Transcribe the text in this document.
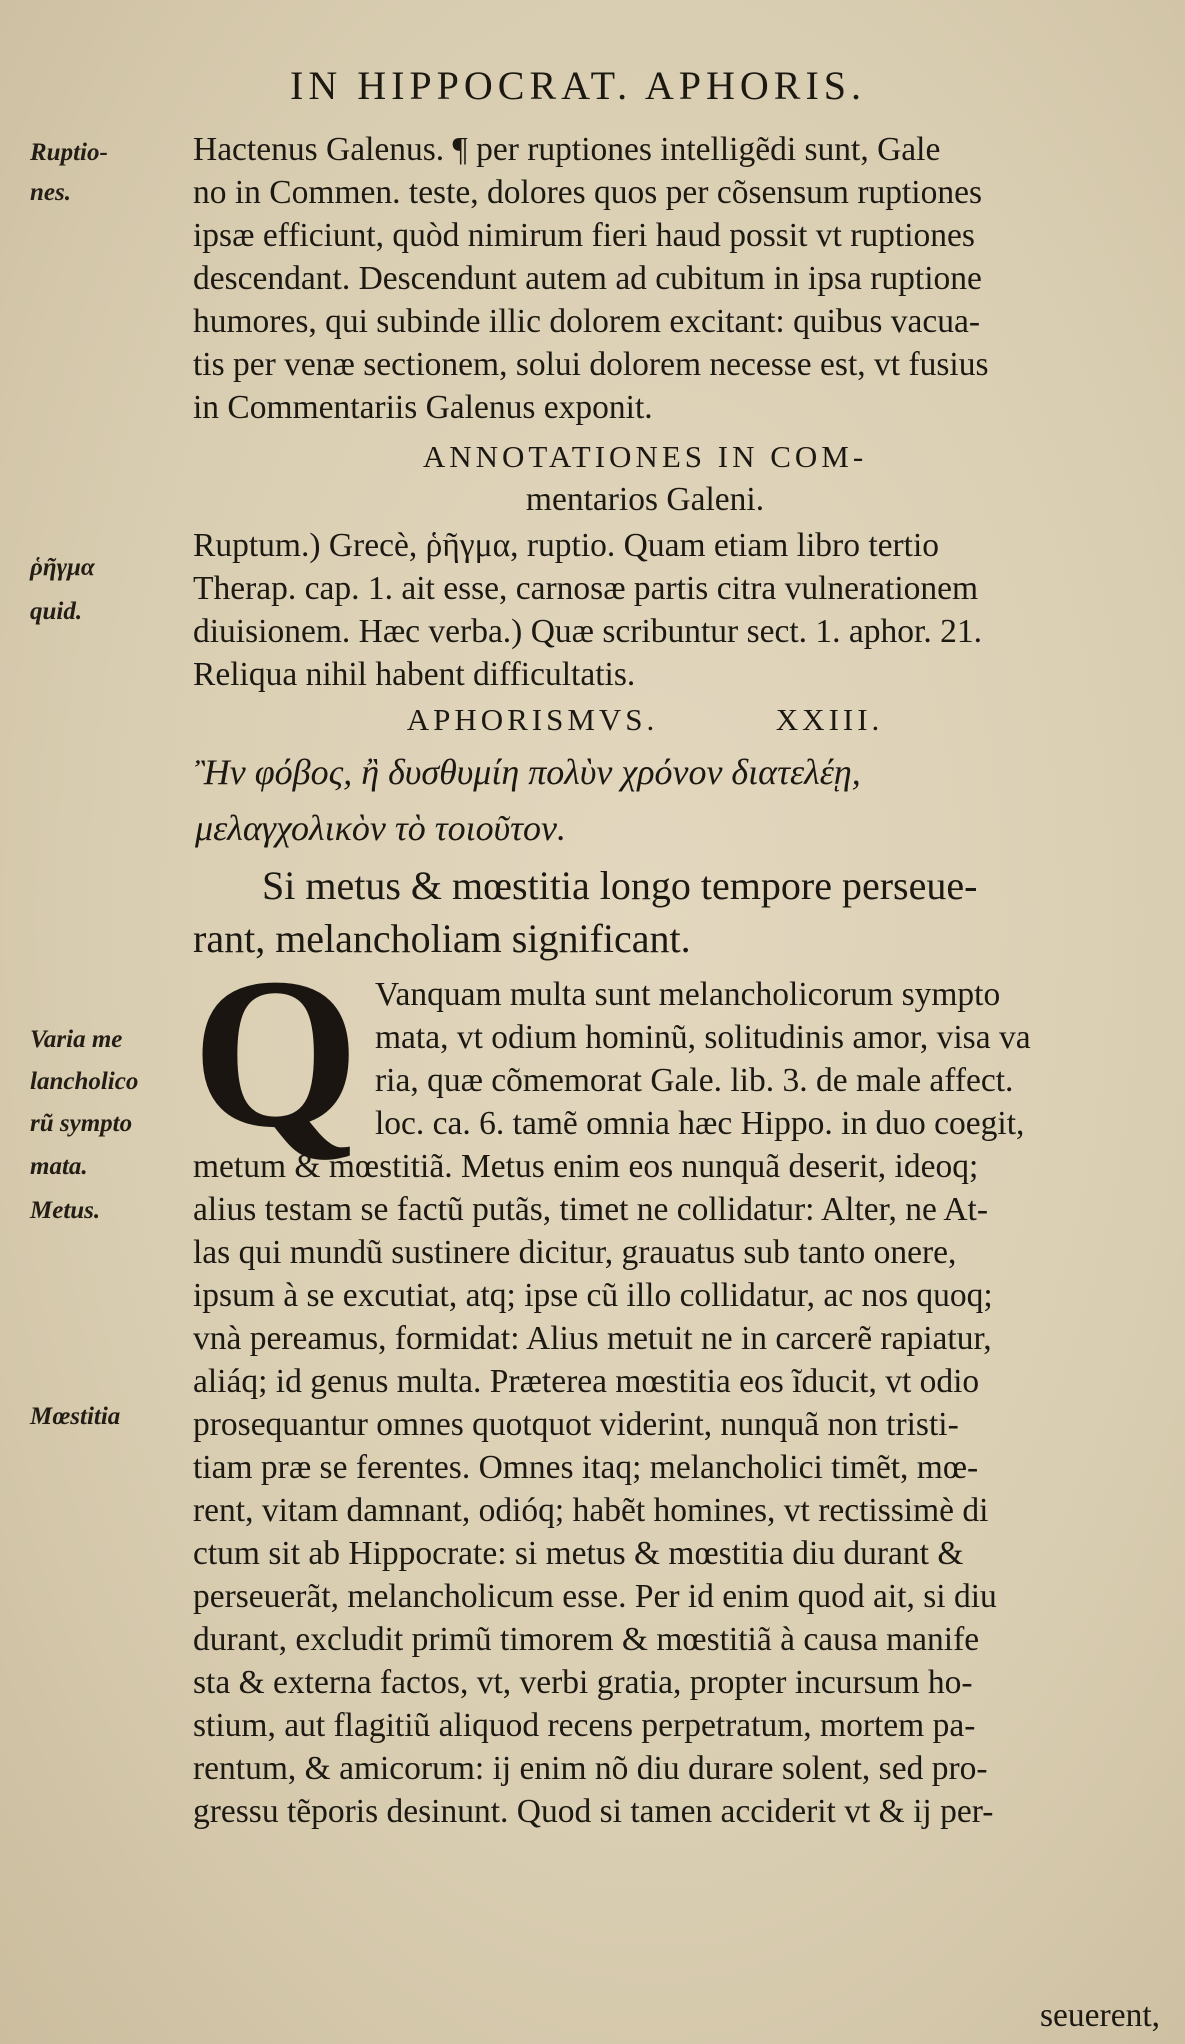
IN HIPPOCRAT. APHORIS.
Ruptio-
nes.
ῥῆγμα
quid.
Varia me
lancholico
rũ sympto
mata.
Metus.
Mœstitia
Hactenus Galenus. ¶ per ruptiones intelligẽdi sunt, Gale
no in Commen. teste, dolores quos per cõsensum ruptiones
ipsæ efficiunt, quòd nimirum fieri haud possit vt ruptiones
descendant. Descendunt autem ad cubitum in ipsa ruptione
humores, qui subinde illic dolorem excitant: quibus vacua-
tis per venæ sectionem, solui dolorem necesse est, vt fusius
in Commentariis Galenus exponit.
ANNOTATIONES IN COM-
mentarios Galeni.
Ruptum.) Grecè, ῥῆγμα, ruptio. Quam etiam libro tertio
Therap. cap. 1. ait esse, carnosæ partis citra vulnerationem
diuisionem. Hæc verba.) Quæ scribuntur sect. 1. aphor. 21.
Reliqua nihil habent difficultatis.
APHORISMVS.          XXIII.
Ἢν φόβος, ἢ δυσθυμίη πολὺν χρόνον διατελέῃ,
μελαγχολικὸν τὸ τοιοῦτον.
Si metus & mœstitia longo tempore perseue-
rant, melancholiam significant.
Q Vanquam multa sunt melancholicorum sympto
mata, vt odium hominũ, solitudinis amor, visa va
ria, quæ cõmemorat Gale. lib. 3. de male affect.
loc. ca. 6. tamẽ omnia hæc Hippo. in duo coegit,
metum & mœstitiã. Metus enim eos nunquã deserit, ideoq;
alius testam se factũ putãs, timet ne collidatur: Alter, ne At-
las qui mundũ sustinere dicitur, grauatus sub tanto onere,
ipsum à se excutiat, atq; ipse cũ illo collidatur, ac nos quoq;
vnà pereamus, formidat: Alius metuit ne in carcerẽ rapiatur,
aliáq; id genus multa. Præterea mœstitia eos ĩducit, vt odio
prosequantur omnes quotquot viderint, nunquã non tristi-
tiam præ se ferentes. Omnes itaq; melancholici timẽt, mœ-
rent, vitam damnant, odióq; habẽt homines, vt rectissimè di
ctum sit ab Hippocrate: si metus & mœstitia diu durant &
perseuerãt, melancholicum esse. Per id enim quod ait, si diu
durant, excludit primũ timorem & mœstitiã à causa manife
sta & externa factos, vt, verbi gratia, propter incursum ho-
stium, aut flagitiũ aliquod recens perpetratum, mortem pa-
rentum, & amicorum: ij enim nõ diu durare solent, sed pro-
gressu tẽporis desinunt. Quod si tamen acciderit vt & ij per-
seuerent,
